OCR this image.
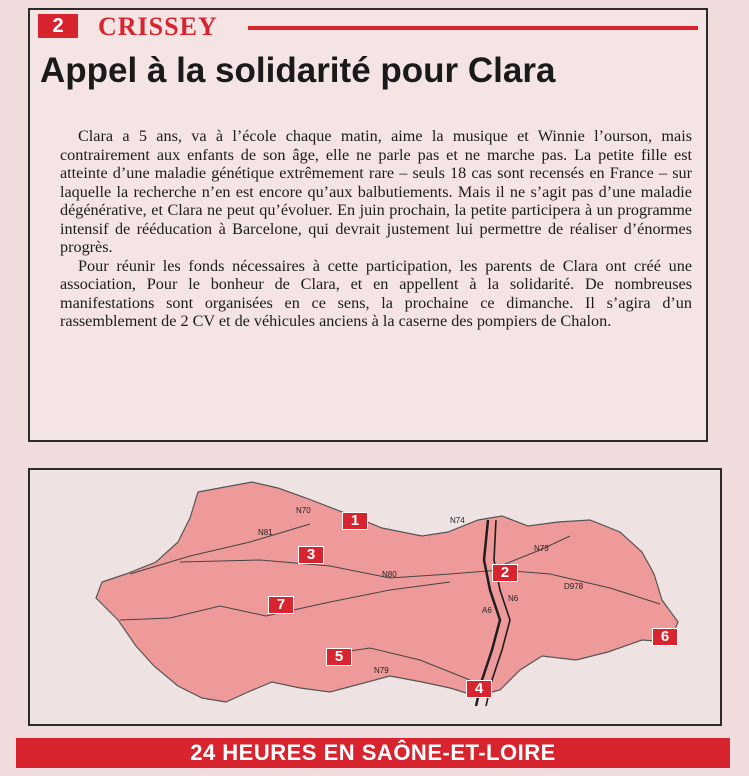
2	CRISSEY
Appel à la solidarité pour Clara

Clara a 5 ans, va à l’école chaque matin, aime la musique et Winnie l’ourson, mais contrairement aux enfants de son âge, elle ne parle pas et ne marche pas. La petite fille est atteinte d’une maladie génétique extrêmement rare – seuls 18 cas sont recensés en France – sur laquelle la recherche n’en est encore qu’aux balbutiements. Mais il ne s’agit pas d’une maladie dégénérative, et Clara ne peut qu’évoluer. En juin prochain, la petite participera à un programme intensif de rééducation à Barcelone, qui devrait justement lui permettre de réaliser d’énormes progrès.

Pour réunir les fonds nécessaires à cette participation, les parents de Clara ont créé une association, Pour le bonheur de Clara, et en appellent à la solidarité. De nombreuses manifestations sont organisées en ce sens, la prochaine ce dimanche. Il s’agira d’un rassemblement de 2 CV et de véhicules anciens à la caserne des pompiers de Chalon.

1
2
3
4
5
6
7
N81
N70
N79
N80
N73
D978
N6
A6
N74
24 HEURES EN SAÔNE-ET-LOIRE
